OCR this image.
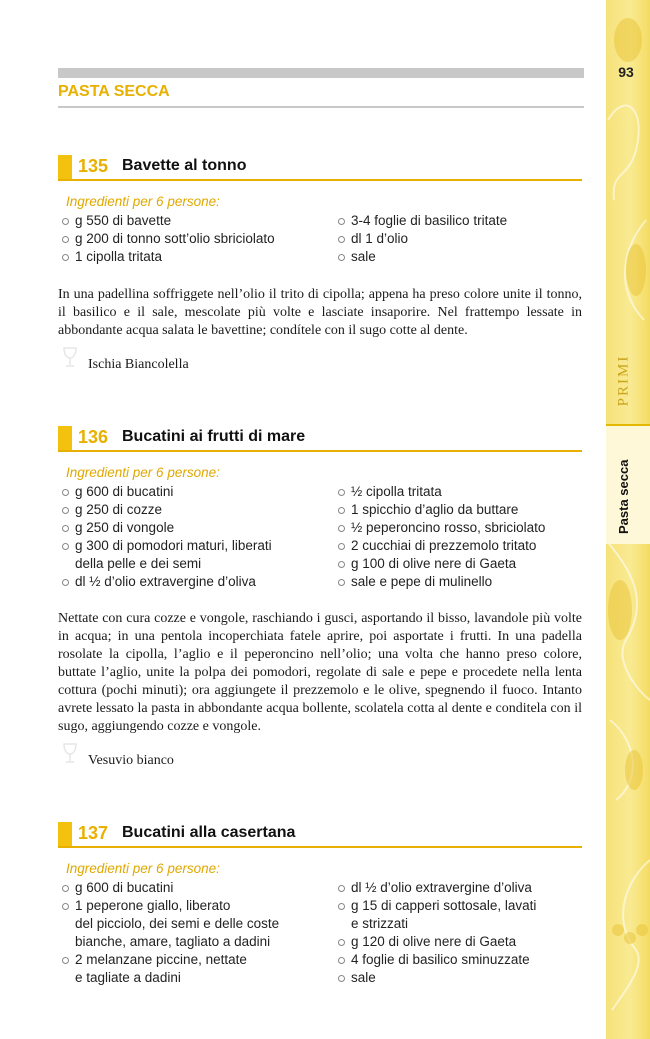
93
PRIMI
Pasta secca
PASTA SECCA
135 Bavette al tonno
Ingredienti per 6 persone:
g 550 di bavette
g 200 di tonno sott’olio sbriciolato
1 cipolla tritata
3-4 foglie di basilico tritate
dl 1 d’olio
sale

In una padellina soffriggete nell’olio il trito di cipolla; appena ha preso colore unite il tonno, il basilico e il sale, mescolate più volte e lasciate insaporire. Nel frattempo lessate in abbondante acqua salata le bavettine; condítele con il sugo cotte al dente.

Ischia Biancolella
136 Bucatini ai frutti di mare
Ingredienti per 6 persone:
g 600 di bucatini
g 250 di cozze
g 250 di vongole
g 300 di pomodori maturi, liberati
della pelle e dei semi
dl ½ d’olio extravergine d’oliva
½ cipolla tritata
1 spicchio d’aglio da buttare
½ peperoncino rosso, sbriciolato
2 cucchiai di prezzemolo tritato
g 100 di olive nere di Gaeta
sale e pepe di mulinello

Nettate con cura cozze e vongole, raschiando i gusci, asportando il bisso, lavandole più volte in acqua; in una pentola incoperchiata fatele aprire, poi asportate i frutti. In una padella rosolate la cipolla, l’aglio e il peperoncino nell’olio; una volta che hanno preso colore, buttate l’aglio, unite la polpa dei pomodori, regolate di sale e pepe e procedete nella lenta cottura (pochi minuti); ora aggiungete il prezzemolo e le olive, spegnendo il fuoco. Intanto avrete lessato la pasta in abbondante acqua bollente, scolatela cotta al dente e conditela con il sugo, aggiungendo cozze e vongole.

Vesuvio bianco
137 Bucatini alla casertana
Ingredienti per 6 persone:
g 600 di bucatini
1 peperone giallo, liberato
del picciolo, dei semi e delle coste
bianche, amare, tagliato a dadini
2 melanzane piccine, nettate
e tagliate a dadini
dl ½ d’olio extravergine d’oliva
g 15 di capperi sottosale, lavati
e strizzati
g 120 di olive nere di Gaeta
4 foglie di basilico sminuzzate
sale
